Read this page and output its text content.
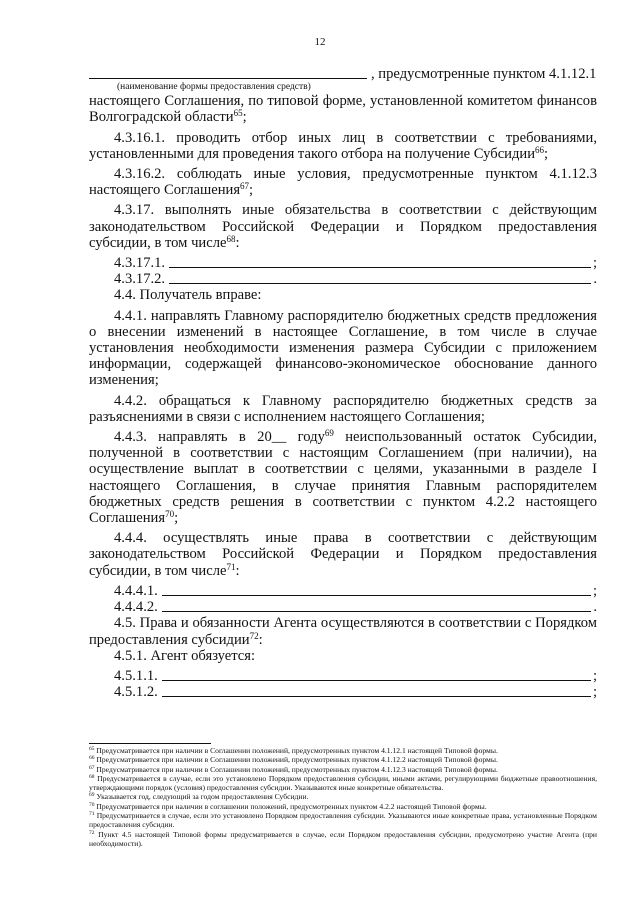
12
, предусмотренные пунктом 4.1.12.1
(наименование формы предоставления средств)

настоящего Соглашения, по типовой форме, установленной комитетом финансов Волгоградской области$^{65}$;

4.3.16.1. проводить отбор иных лиц в соответствии с требованиями, установленными для проведения такого отбора на получение Субсидии$^{66}$;

4.3.16.2. соблюдать иные условия, предусмотренные пунктом 4.1.12.3 настоящего Соглашения$^{67}$;

4.3.17. выполнять иные обязательства в соответствии с действующим законодательством Российской Федерации и Порядком предоставления субсидии, в том числе$^{68}$:

4.3.17.1.	;
4.3.17.2.	.

4.4. Получатель вправе:

4.4.1. направлять Главному распорядителю бюджетных средств предложения о внесении изменений в настоящее Соглашение, в том числе в случае установления необходимости изменения размера Субсидии с приложением информации, содержащей финансово-экономическое обоснование данного изменения;

4.4.2. обращаться к Главному распорядителю бюджетных средств за разъяснениями в связи с исполнением настоящего Соглашения;

4.4.3. направлять в 20__ году$^{69}$ неиспользованный остаток Субсидии, полученной в соответствии с настоящим Соглашением (при наличии), на осуществление выплат в соответствии с целями, указанными в разделе I настоящего Соглашения, в случае принятия Главным распорядителем бюджетных средств решения в соответствии с пунктом 4.2.2 настоящего Соглашения$^{70}$;

4.4.4. осуществлять иные права в соответствии с действующим законодательством Российской Федерации и Порядком предоставления субсидии, в том числе$^{71}$:

4.4.4.1.	;
4.4.4.2.	.

4.5. Права и обязанности Агента осуществляются в соответствии с Порядком предоставления субсидии$^{72}$:

4.5.1. Агент обязуется:

4.5.1.1.	;
4.5.1.2.	;

$^{65}$ Предусматривается при наличии в Соглашении положений, предусмотренных пунктом 4.1.12.1 настоящей Типовой формы.

$^{66}$ Предусматривается при наличии в Соглашении положений, предусмотренных пунктом 4.1.12.2 настоящей Типовой формы.

$^{67}$ Предусматривается при наличии в Соглашении положений, предусмотренных пунктом 4.1.12.3 настоящей Типовой формы.

$^{68}$ Предусматривается в случае, если это установлено Порядком предоставления субсидии, иными актами, регулирующими бюджетные правоотношения, утверждающими порядок (условия) предоставления субсидии. Указываются иные конкретные обязательства.

$^{69}$ Указывается год, следующий за годом предоставления Субсидии.

$^{70}$ Предусматривается при наличии в соглашении положений, предусмотренных пунктом 4.2.2 настоящей Типовой формы.

$^{71}$ Предусматривается в случае, если это установлено Порядком предоставления субсидии. Указываются иные конкретные права, установленные Порядком предоставления субсидии.

$^{72}$ Пункт 4.5 настоящей Типовой формы предусматривается в случае, если Порядком предоставления субсидии, предусмотрено участие Агента (при необходимости).
